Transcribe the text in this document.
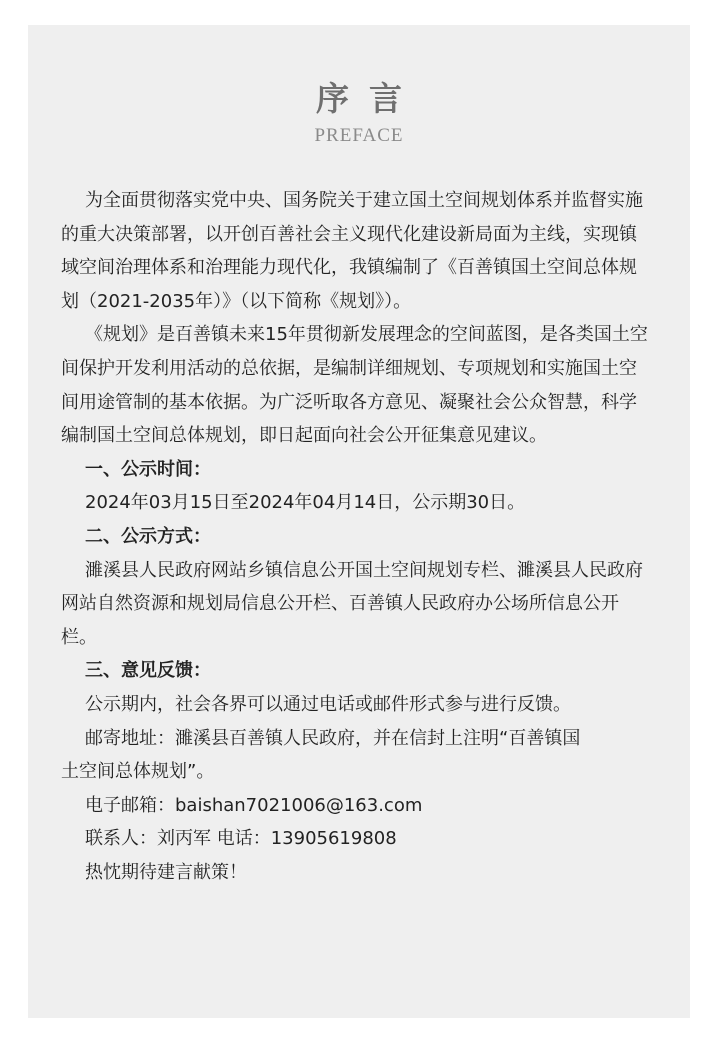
序言
PREFACE

为全面贯彻落实党中央、国务院关于建立国土空间规划体系并监督实施的重大决策部署，以开创百善社会主义现代化建设新局面为主线，实现镇域空间治理体系和治理能力现代化，我镇编制了《百善镇国土空间总体规划（2021-2035年）》（以下简称《规划》）。

《规划》是百善镇未来15年贯彻新发展理念的空间蓝图，是各类国土空间保护开发利用活动的总依据，是编制详细规划、专项规划和实施国土空间用途管制的基本依据。为广泛听取各方意见、凝聚社会公众智慧，科学编制国土空间总体规划，即日起面向社会公开征集意见建议。

一、公示时间：

2024年03月15日至2024年04月14日，公示期30日。

二、公示方式：

濉溪县人民政府网站乡镇信息公开国土空间规划专栏、濉溪县人民政府网站自然资源和规划局信息公开栏、百善镇人民政府办公场所信息公开栏。

三、意见反馈：

公示期内，社会各界可以通过电话或邮件形式参与进行反馈。

邮寄地址：濉溪县百善镇人民政府，并在信封上注明“百善镇国

土空间总体规划”。

电子邮箱：baishan7021006@163.com

联系人：刘丙军 电话：13905619808

热忱期待建言献策！
